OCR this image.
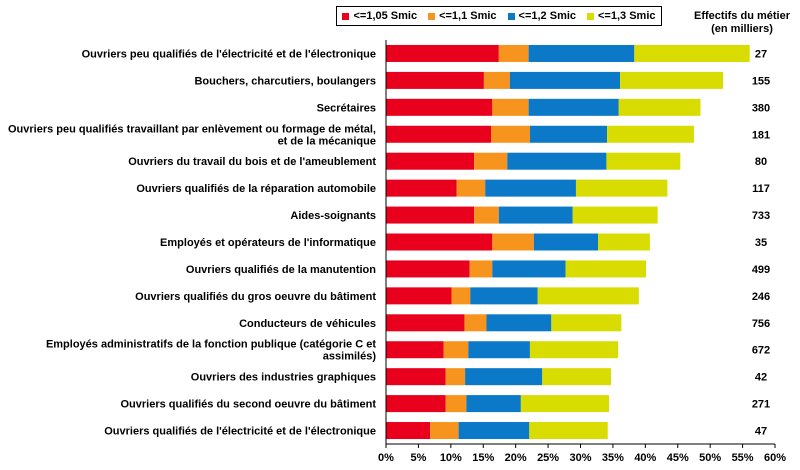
<=1,05 Smic <=1,1 Smic <=1,2 Smic <=1,3 Smic	Effectifs du métier
(en milliers)
Ouvriers peu qualifiés de l'électricité et de l'électronique	27
Bouchers, charcutiers, boulangers	155
Secrétaires	380
Ouvriers peu qualifiés travaillant par enlèvement ou formage de métal,
et de la mécanique	181
Ouvriers du travail du bois et de l'ameublement	80
Ouvriers qualifiés de la réparation automobile	117
Aides-soignants	733
Employés et opérateurs de l'informatique	35
Ouvriers qualifiés de la manutention	499
Ouvriers qualifiés du gros oeuvre du bâtiment	246
Conducteurs de véhicules	756
Employés administratifs de la fonction publique (catégorie C et
assimilés)	672
Ouvriers des industries graphiques	42
Ouvriers qualifiés du second oeuvre du bâtiment	271
Ouvriers qualifiés de l'électricité et de l'électronique	47
0% 5% 10% 15% 20% 25% 30% 35% 40% 45% 50% 55% 60%
